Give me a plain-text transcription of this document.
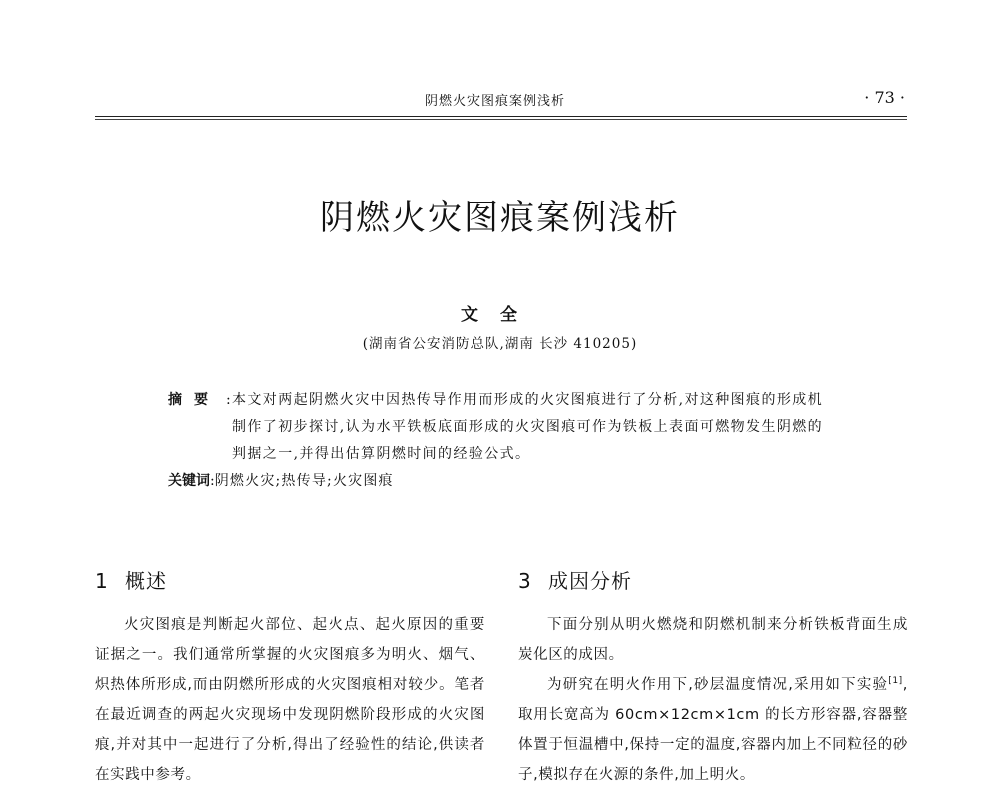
阴燃火灾图痕案例浅析	· 73 ·
阴燃火灾图痕案例浅析
文全
(湖南省公安消防总队,湖南 长沙 410205)
摘要 : 本文对两起阴燃火灾中因热传导作用而形成的火灾图痕进行了分析,对这种图痕的形成机制作了初步探讨,认为水平铁板底面形成的火灾图痕可作为铁板上表面可燃物发生阴燃的判据之一,并得出估算阴燃时间的经验公式。
关键词:阴燃火灾;热传导;火灾图痕
1 概述
火灾图痕是判断起火部位、起火点、起火原因的重要证据之一。我们通常所掌握的火灾图痕多为明火、烟气、炽热体所形成,而由阴燃所形成的火灾图痕相对较少。笔者在最近调查的两起火灾现场中发现阴燃阶段形成的火灾图痕,并对其中一起进行了分析,得出了经验性的结论,供读者在实践中参考。
3 成因分析
下面分别从明火燃烧和阴燃机制来分析铁板背面生成炭化区的成因。
为研究在明火作用下,砂层温度情况,采用如下实验[1],取用长宽高为 60cm×12cm×1cm 的长方形容器,容器整体置于恒温槽中,保持一定的温度,容器内加上不同粒径的砂子,模拟存在火源的条件,加上明火。
